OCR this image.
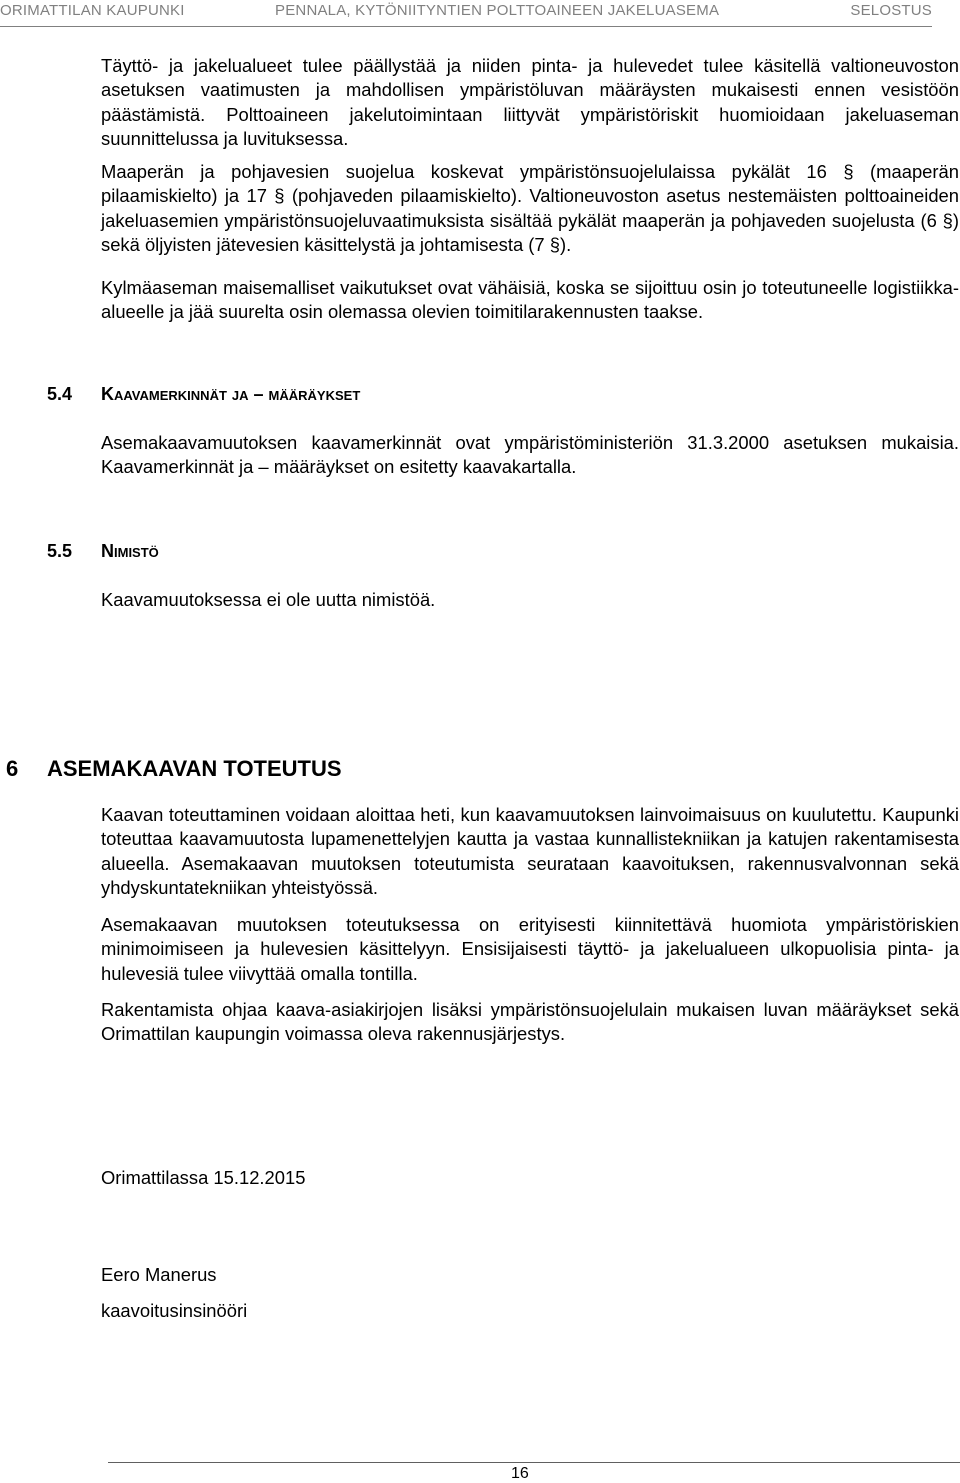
ORIMATTILAN KAUPUNKI	PENNALA, KYTÖNIITYNTIEN POLTTOAINEEN JAKELUASEMA	SELOSTUS

Täyttö- ja jakelualueet tulee päällystää ja niiden pinta- ja hulevedet tulee käsitellä valtioneuvoston asetuksen vaatimusten ja mahdollisen ympäristöluvan määräysten mukaisesti ennen vesistöön päästämistä. Polttoaineen jakelutoimintaan liittyvät ympäristöriskit huomioidaan jakeluaseman suunnittelussa ja luvituksessa.

Maaperän ja pohjavesien suojelua koskevat ympäristönsuojelulaissa pykälät 16 § (maaperän pilaamiskielto) ja 17 § (pohjaveden pilaamiskielto). Valtioneuvoston asetus nestemäisten polttoaineiden jakeluasemien ympäristönsuojeluvaatimuksista sisältää pykälät maaperän ja pohjaveden suojelusta (6 §) sekä öljyisten jätevesien käsittelystä ja johtamisesta (7 §).

Kylmäaseman maisemalliset vaikutukset ovat vähäisiä, koska se sijoittuu osin jo toteutuneelle logistiikka-alueelle ja jää suurelta osin olemassa olevien toimitilarakennusten taakse.

5.4 Kaavamerkinnät ja – määräykset

Asemakaavamuutoksen kaavamerkinnät ovat ympäristöministeriön 31.3.2000 asetuksen mukaisia. Kaavamerkinnät ja – määräykset on esitetty kaavakartalla.

5.5 Nimistö
Kaavamuutoksessa ei ole uutta nimistöä.
6 ASEMAKAAVAN TOTEUTUS

Kaavan toteuttaminen voidaan aloittaa heti, kun kaavamuutoksen lainvoimaisuus on kuulutettu. Kaupunki toteuttaa kaavamuutosta lupamenettelyjen kautta ja vastaa kunnallistekniikan ja katujen rakentamisesta alueella. Asemakaavan muutoksen toteutumista seurataan kaavoituksen, rakennusvalvonnan sekä yhdyskuntatekniikan yhteistyössä.

Asemakaavan muutoksen toteutuksessa on erityisesti kiinnitettävä huomiota ympäristöriskien minimoimiseen ja hulevesien käsittelyyn. Ensisijaisesti täyttö- ja jakelualueen ulkopuolisia pinta- ja hulevesiä tulee viivyttää omalla tontilla.

Rakentamista ohjaa kaava-asiakirjojen lisäksi ympäristönsuojelulain mukaisen luvan määräykset sekä Orimattilan kaupungin voimassa oleva rakennusjärjestys.

Orimattilassa 15.12.2015
Eero Manerus
kaavoitusinsinööri
16
